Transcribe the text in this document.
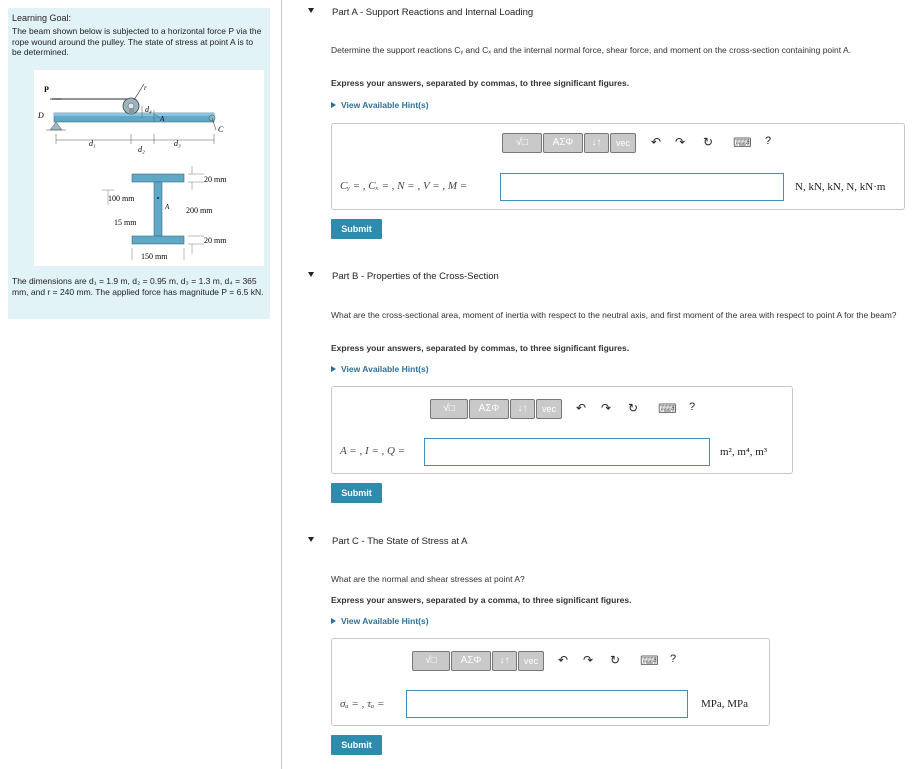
Learning Goal:
The beam shown below is subjected to a horizontal force P via the rope wound around the pulley. The state of stress at point A is to be determined.
P
D
d₁
d₂
d₃
d₄
A
C
r
20 mm
200 mm
20 mm
100 mm
15 mm
150 mm
A
The dimensions are d₁ = 1.9 m, d₂ = 0.95 m, d₃ = 1.3 m, d₄ = 365 mm, and r = 240 mm. The applied force has magnitude P = 6.5 kN.
Part A - Support Reactions and Internal Loading
Determine the support reactions Cᵧ and Cₓ and the internal normal force, shear force, and moment on the cross-section containing point A.
Express your answers, separated by commas, to three significant figures.
View Available Hint(s)
√□	ΑΣΦ	↓↑	vec	↶ ↷ ↻ ⌨ ?
Cᵧ = , Cₓ = , N = , V = , M =	N, kN, kN, N, kN·m
Submit
Part B - Properties of the Cross-Section
What are the cross-sectional area, moment of inertia with respect to the neutral axis, and first moment of the area with respect to point A for the beam?
Express your answers, separated by commas, to three significant figures.
View Available Hint(s)
√□	ΑΣΦ	↓↑	vec	↶ ↷ ↻ ⌨ ?
A = , I = , Q =	m², m⁴, m³
Submit
Part C - The State of Stress at A
What are the normal and shear stresses at point A?
Express your answers, separated by a comma, to three significant figures.
View Available Hint(s)
√□	ΑΣΦ	↓↑	vec	↶ ↷ ↻ ⌨ ?
σₐ = , τₐ =	MPa, MPa
Submit
